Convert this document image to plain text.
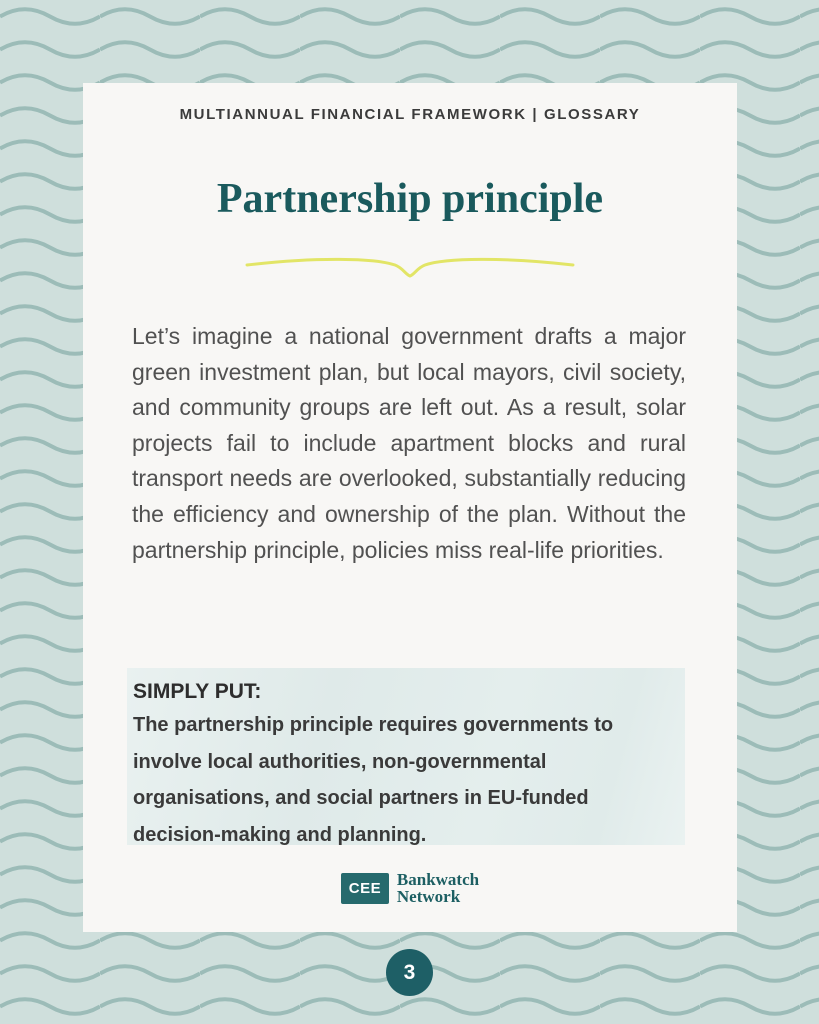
MULTIANNUAL FINANCIAL FRAMEWORK | GLOSSARY
Partnership principle

Let’s imagine a national government drafts a major green investment plan, but local mayors, civil society, and community groups are left out. As a result, solar projects fail to include apartment blocks and rural transport needs are overlooked, substantially reducing the efficiency and ownership of the plan. Without the partnership principle, policies miss real-life priorities.

SIMPLY PUT:
The partnership principle requires governments to
involve local authorities, non-governmental
organisations, and social partners in EU-funded
decision-making and planning.
CEE Bankwatch
Network
3
